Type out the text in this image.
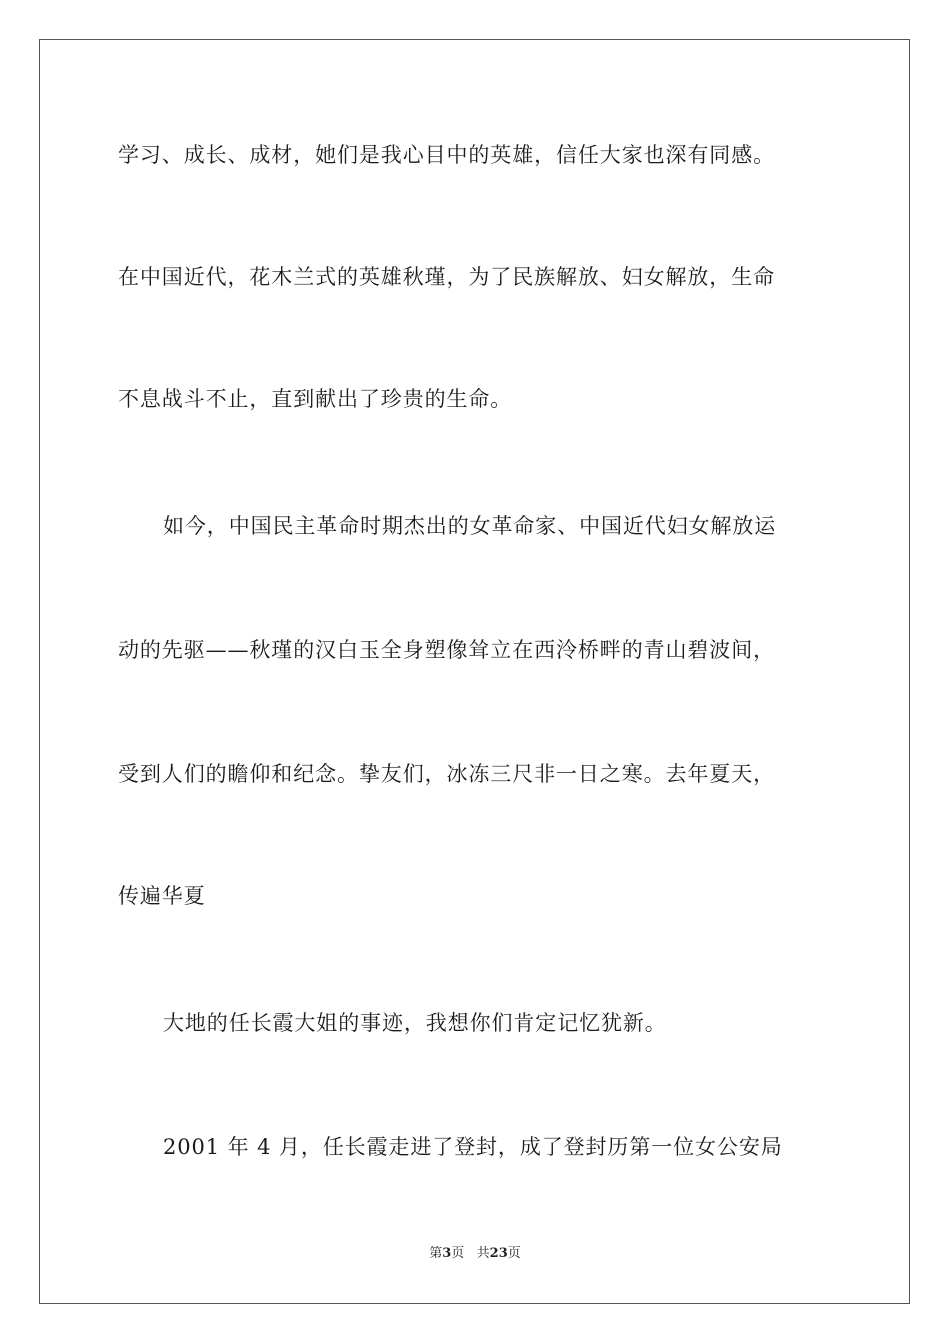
学习、成长、成材，她们是我心目中的英雄，信任大家也深有同感。
在中国近代，花木兰式的英雄秋瑾，为了民族解放、妇女解放，生命
不息战斗不止，直到献出了珍贵的生命。
如今，中国民主革命时期杰出的女革命家、中国近代妇女解放运
动的先驱——秋瑾的汉白玉全身塑像耸立在西泠桥畔的青山碧波间，
受到人们的瞻仰和纪念。挚友们，冰冻三尺非一日之寒。去年夏天，
传遍华夏
大地的任长霞大姐的事迹，我想你们肯定记忆犹新。
2001 年 4 月，任长霞走进了登封，成了登封历第一位女公安局
第3页   共23页
